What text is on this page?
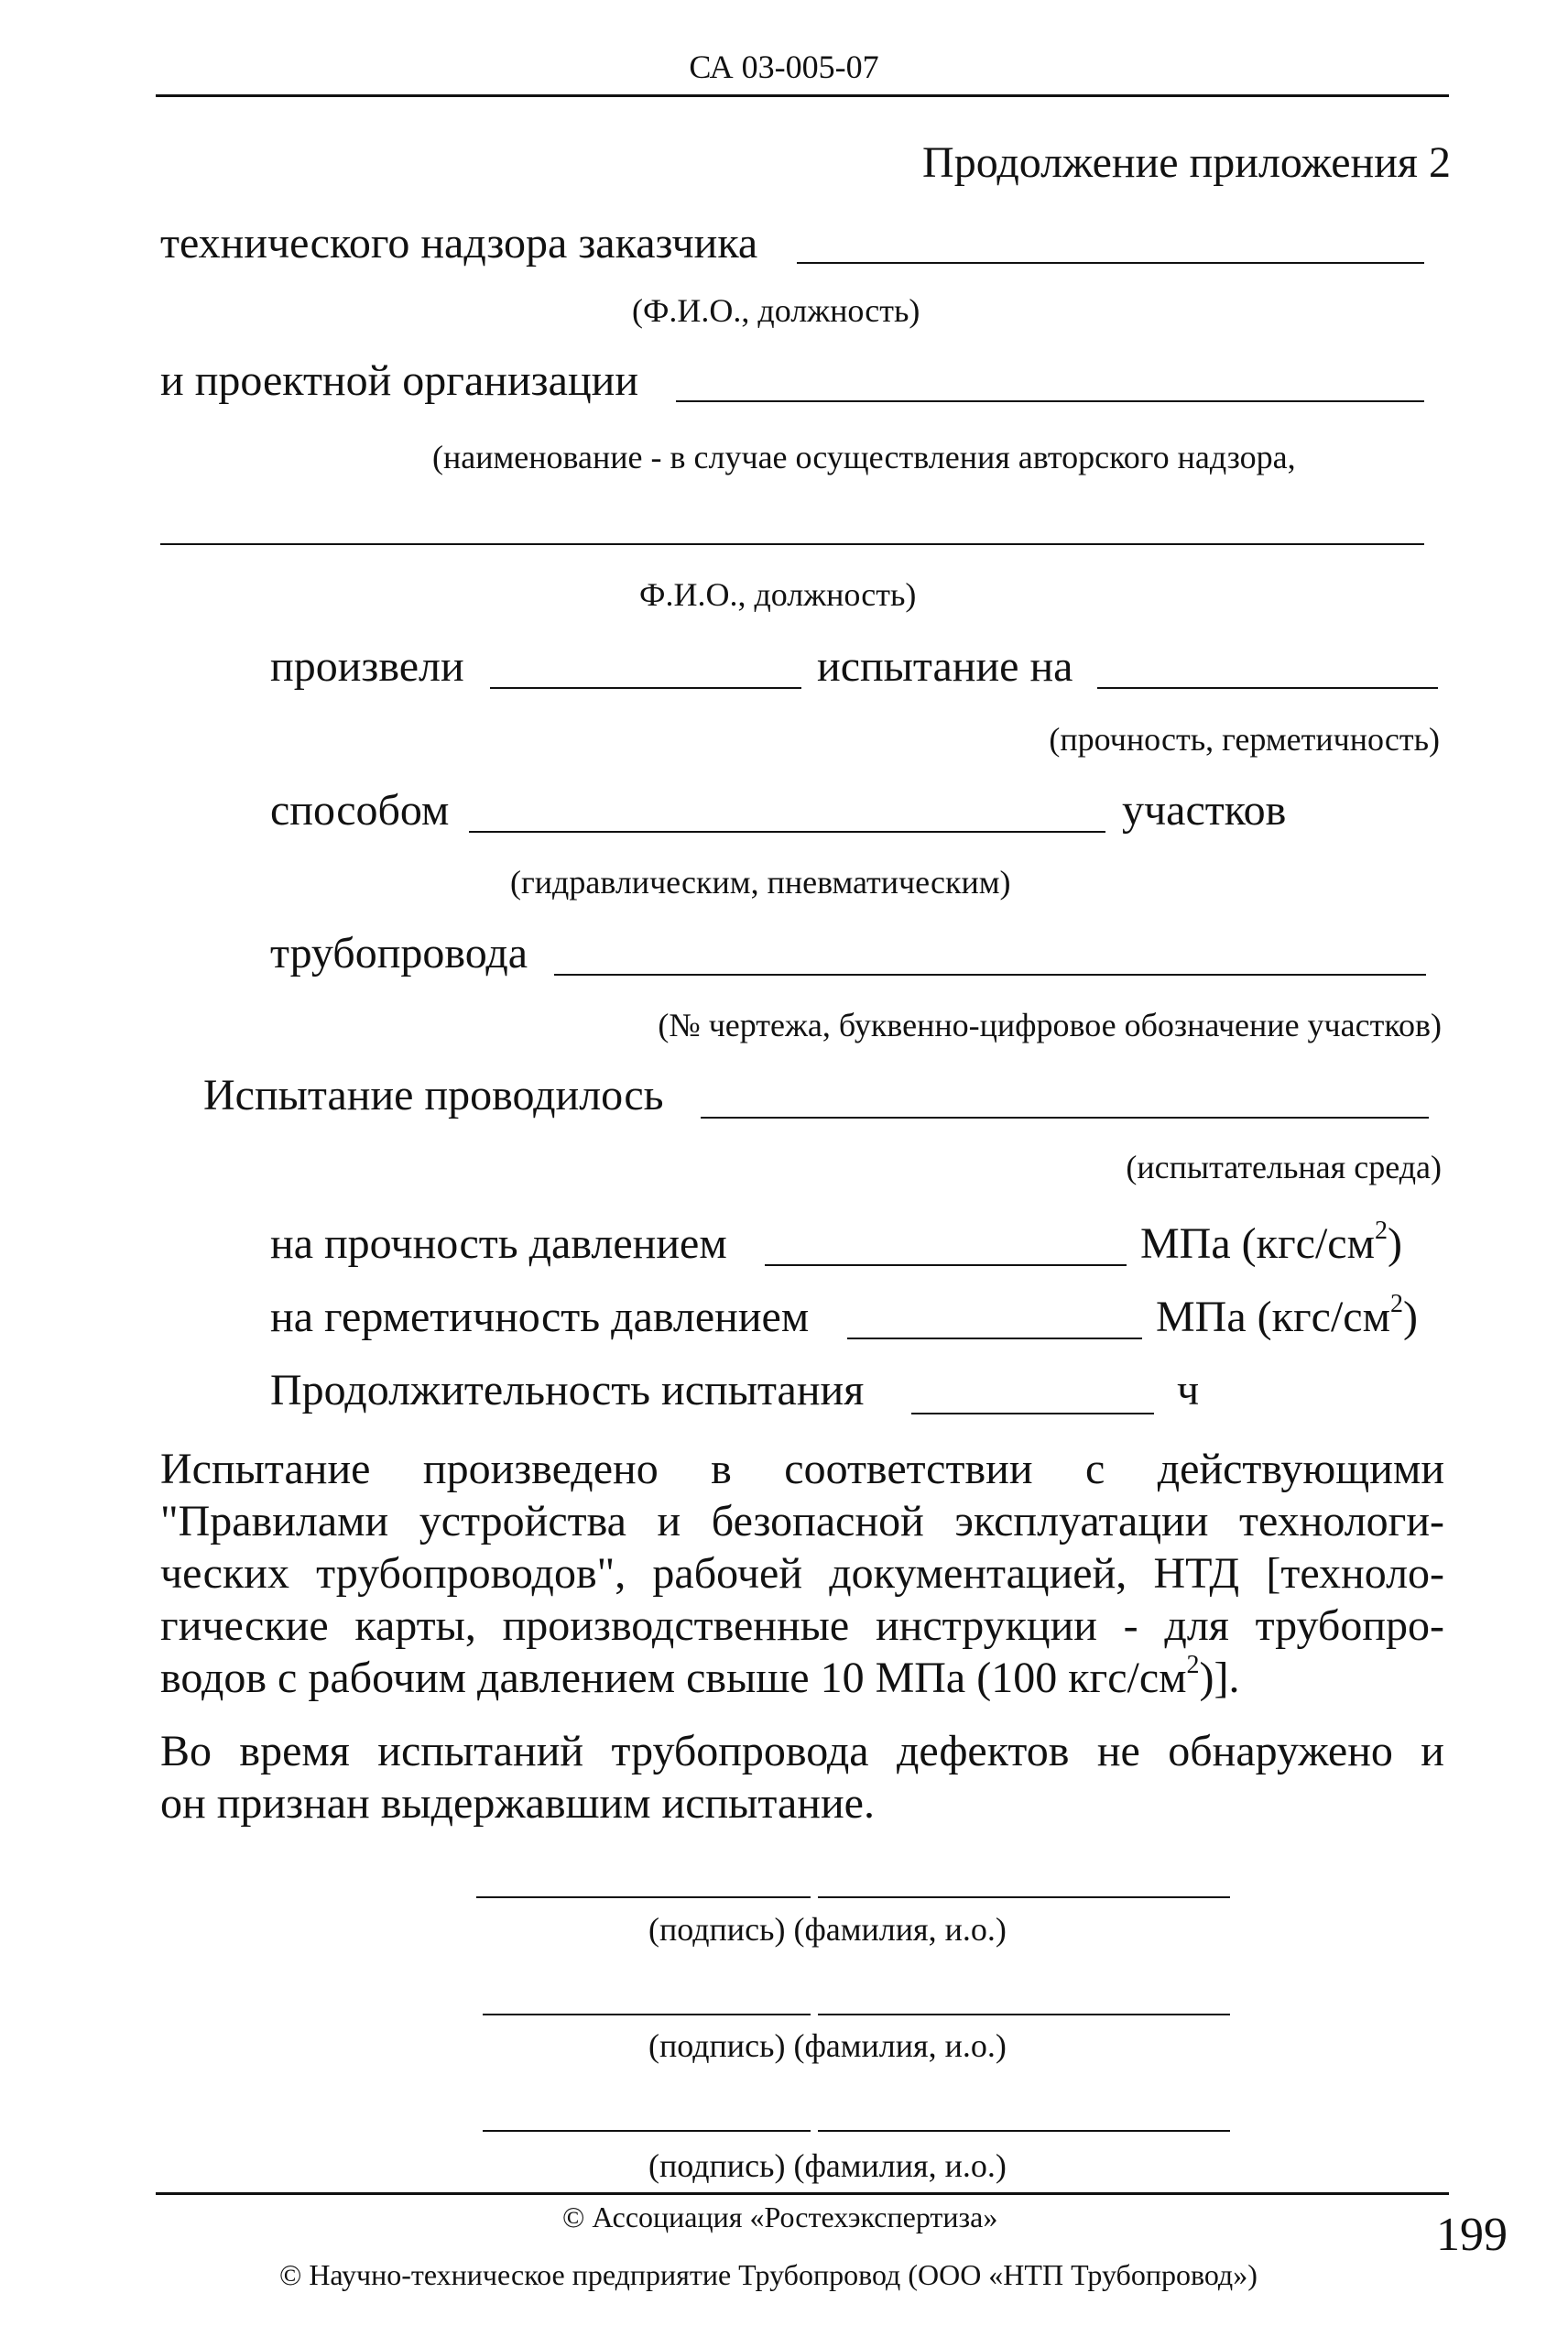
СА 03-005-07
Продолжение приложения 2
технического надзора заказчика
(Ф.И.О., должность)
и проектной организации
(наименование - в случае осуществления авторского надзора,
Ф.И.О., должность)
произвели	испытание на
(прочность, герметичность)
способом	участков
(гидравлическим, пневматическим)
трубопровода
(№ чертежа, буквенно-цифровое обозначение участков)
Испытание проводилось
(испытательная среда)
на прочность давлением	МПа $(кгс/см^2)$
на герметичность давлением	МПа $(кгс/см^2)$
Продолжительность испытания	ч

Испытание произведено в соответствии с действующими

"Правилами устройства и безопасной эксплуатации технологи-

ческих трубопроводов", рабочей документацией, НТД [техноло-

гические карты, производственные инструкции - для трубопро-

водов с рабочим давлением свыше 10 МПа (100 кгс/$см^2$)].

Во время испытаний трубопровода дефектов не обнаружено и

он признан выдержавшим испытание.

(подпись) (фамилия, и.о.)
(подпись) (фамилия, и.о.)
(подпись) (фамилия, и.о.)
© Ассоциация «Ростехэкспертиза»
© Научно-техническое предприятие Трубопровод (ООО «НТП Трубопровод»)
199
